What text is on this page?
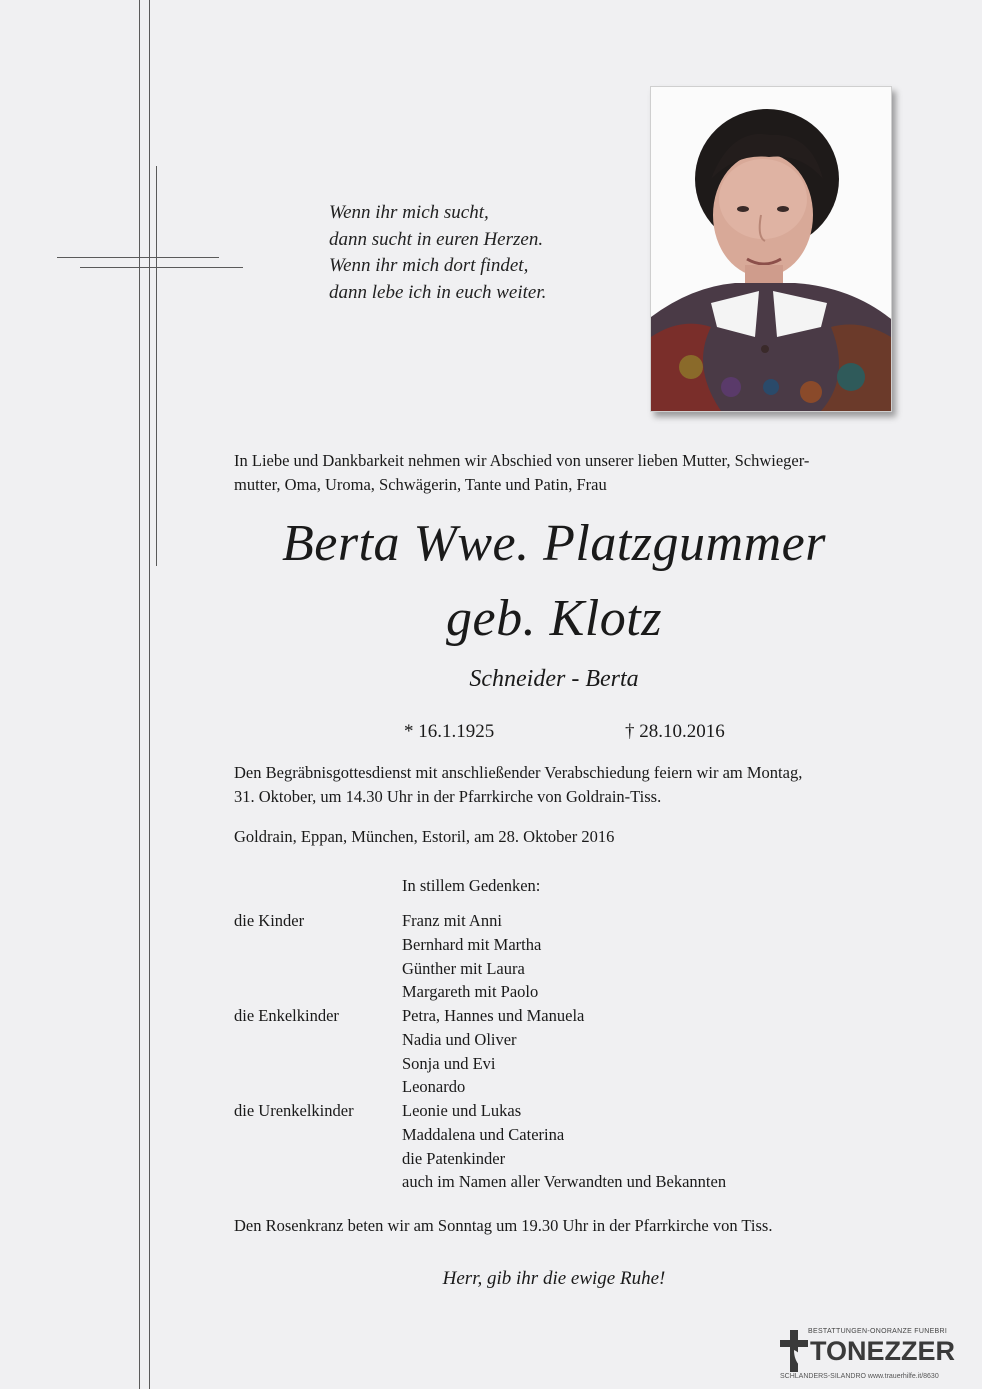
Wenn ihr mich sucht,
dann sucht in euren Herzen.
Wenn ihr mich dort findet,
dann lebe ich in euch weiter.
In Liebe und Dankbarkeit nehmen wir Abschied von unserer lieben Mutter, Schwieger-
mutter, Oma, Uroma, Schwägerin, Tante und Patin, Frau
Berta Wwe. Platzgummer
geb. Klotz
Schneider - Berta
* 16.1.1925	† 28.10.2016
Den Begräbnisgottesdienst mit anschließender Verabschiedung feiern wir am Montag,
31. Oktober, um 14.30 Uhr in der Pfarrkirche von Goldrain-Tiss.
Goldrain, Eppan, München, Estoril, am 28. Oktober 2016
In stillem Gedenken:
die Kinder	Franz mit Anni
Bernhard mit Martha
Günther mit Laura
Margareth mit Paolo
die Enkelkinder	Petra, Hannes und Manuela
Nadia und Oliver
Sonja und Evi
Leonardo
die Urenkelkinder	Leonie und Lukas
Maddalena und Caterina
die Patenkinder
auch im Namen aller Verwandten und Bekannten
Den Rosenkranz beten wir am Sonntag um 19.30 Uhr in der Pfarrkirche von Tiss.
Herr, gib ihr die ewige Ruhe!
BESTATTUNGEN-ONORANZE FUNEBRI
TONEZZER
SCHLANDERS-SILANDRO www.trauerhilfe.it/8630
